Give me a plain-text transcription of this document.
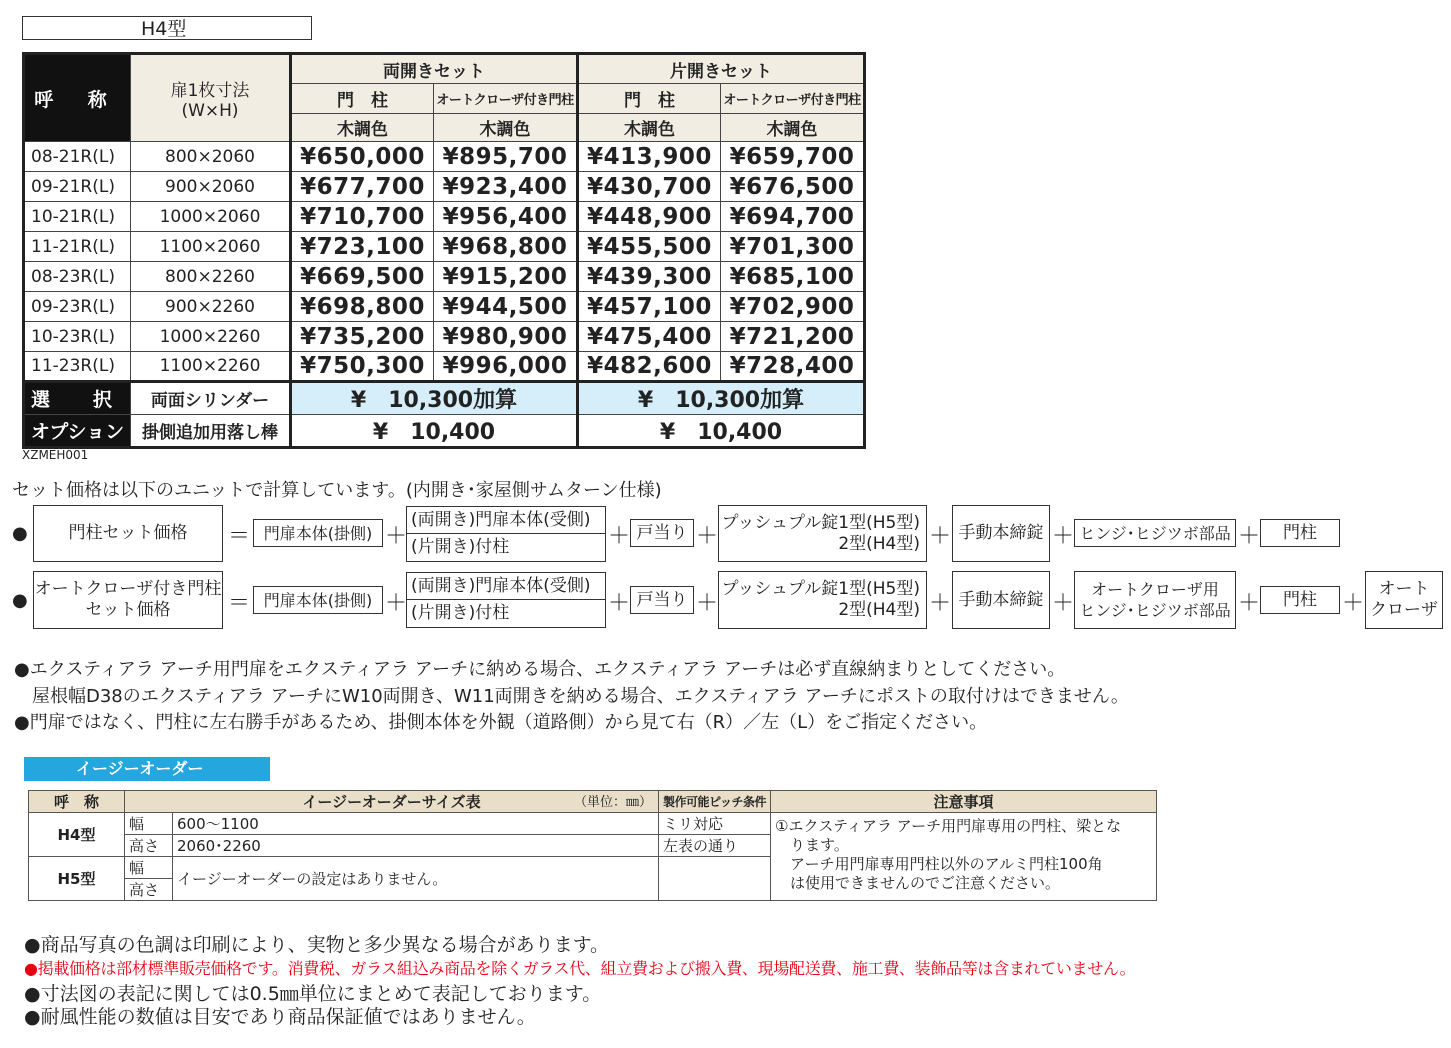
H4型
呼 称	扉1枚寸法
(W×H)	両開きセット		片開きセット	
		門　柱	オートクローザ付き門柱	門　柱	オートクローザ付き門柱
		木調色	木調色	木調色	木調色
08-21R(L)	800×2060	¥650,000	¥895,700	¥413,900	¥659,700
09-21R(L)	900×2060	¥677,700	¥923,400	¥430,700	¥676,500
10-21R(L)	1000×2060	¥710,700	¥956,400	¥448,900	¥694,700
11-21R(L)	1100×2060	¥723,100	¥968,800	¥455,500	¥701,300
08-23R(L)	800×2260	¥669,500	¥915,200	¥439,300	¥685,100
09-23R(L)	900×2260	¥698,800	¥944,500	¥457,100	¥702,900
10-23R(L)	1000×2260	¥735,200	¥980,900	¥475,400	¥721,200
11-23R(L)	1100×2260	¥750,300	¥996,000	¥482,600	¥728,400
選　択	両面シリンダー	¥　10,300加算		¥　10,300加算	
オプション	掛側追加用落し棒	¥　10,400		¥　10,400	
XZMEH001
セット価格は以下のユニットで計算しています。(内開き･家屋側サムターン仕様)
●	門柱セット価格	＝ 門扉本体(掛側) ＋
(両開き)門扉本体(受側)
(片開き)付柱	＋ 戸当り ＋
プッシュプル錠1型(H5型)
2型(H4型) ＋ 手動本締錠 ＋ ヒンジ･ヒジツボ部品 ＋	門柱
●
オートクローザ付き門柱
セット価格	＝ 門扉本体(掛側) ＋
(両開き)門扉本体(受側)
(片開き)付柱	＋ 戸当り ＋
プッシュプル錠1型(H5型)
2型(H4型) ＋ 手動本締錠 ＋
オートクローザ用
ヒンジ･ヒジツボ部品 ＋	門柱	＋
オート
クローザ
●エクスティアラ アーチ用門扉をエクスティアラ アーチに納める場合、エクスティアラ アーチは必ず直線納まりとしてください。
　屋根幅D38のエクスティアラ アーチにW10両開き、W11両開きを納める場合、エクスティアラ アーチにポストの取付けはできません。
●門扉ではなく、門柱に左右勝手があるため、掛側本体を外観（道路側）から見て右（R）／左（L）をご指定ください。
イージーオーダー
呼　称	イージーオーダーサイズ表 （単位：㎜）		製作可能ピッチ条件	注意事項
H4型	幅	600～1100	ミリ対応	①エクスティアラ アーチ用門扉専用の門柱、梁とな
　ります。
　アーチ用門扉専用門柱以外のアルミ門柱100角
　は使用できませんのでご注意ください。

	高さ	2060･2260	左表の通り	
H5型	幅	イージーオーダーの設定はありません。		
	高さ			
●商品写真の色調は印刷により、実物と多少異なる場合があります。
●掲載価格は部材標準販売価格です。消費税、ガラス組込み商品を除くガラス代、組立費および搬入費、現場配送費、施工費、装飾品等は含まれていません。
●寸法図の表記に関しては0.5㎜単位にまとめて表記しております。
●耐風性能の数値は目安であり商品保証値ではありません。
